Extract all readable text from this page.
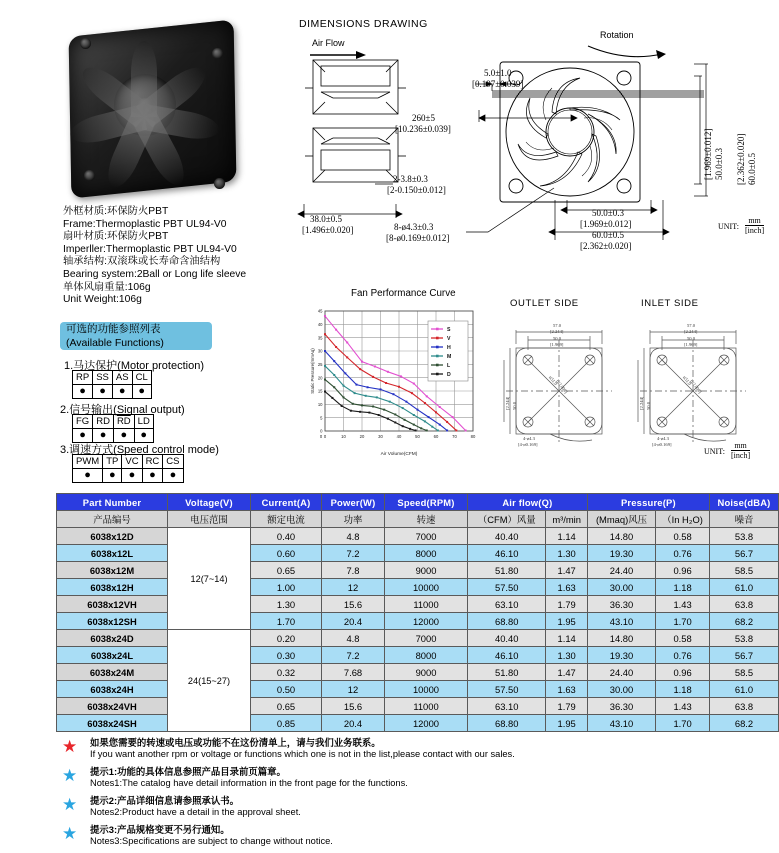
外框材质:环保防火PBT
Frame:Thermoplastic PBT UL94-V0
扇叶材质:环保防火PBT
Imperller:Thermoplastic PBT UL94-V0
轴承结构:双滚珠或长寿命含油结构
Bearing system:2Ball or Long life sleeve
单体风扇重量:106g
Unit Weight:106g
可选的功能参照列表
(Available Functions)
1.马达保护(Motor protection)
RP	SS	AS	CL
●	●	●	●
2.信号输出(Signal output)
FG	RD	$\overline{RD}$	LD
●	●	●	●
3.调速方式(Speed control mode)
PWM	TP	VC	RC	CS
●	●	●	●	●
DIMENSIONS DRAWING
Air Flow
Rotation
5.0±1.0
[0.197±0.039]
260±5
[10.236±0.039]
2-3.8±0.3
[2-0.150±0.012]
38.0±0.5
[1.496±0.020]	8-ø4.3±0.3
[8-ø0.169±0.012]
50.0±0.3
[1.969±0.012]
60.0±0.5
[2.362±0.020]
50.0±0.3
[1.969±0.012]	60.0±0.5
[2.362±0.020]
UNIT:
mm
[inch]
Fan Performance Curve
0
5
10
15
20
25
30
35
40
45
0 0	10	20	30	40	50	60	70	80
Static Pressure(mmAq)
Air Volume(CFM)
S
V
H
M
L
D
OUTLET SIDE	INLET SIDE
57.0
[2.244]
50.0
[1.969]
[2.244] 50.0
ø51.0
[ø2.008]
4-ø4.3
[4-ø0.169]
57.0
[2.244]
50.0
[1.969]
[2.244] 50.0
ø51.0
[ø2.008]
4-ø4.3
[4-ø0.169]
UNIT:
mm
[inch]
Part Number	Voltage(V)	Current(A)	Power(W)	Speed(RPM)	Air flow(Q)		Pressure(P)		Noise(dBA)
产品编号	电压范围	额定电流	功率	转速	（CFM）风量	m³/min	(Mmaq)风压	（In H₂O)	噪音
6038x12D	12(7~14)	0.40	4.8	7000	40.40	1.14	14.80	0.58	53.8
6038x12L		0.60	7.2	8000	46.10	1.30	19.30	0.76	56.7
6038x12M		0.65	7.8	9000	51.80	1.47	24.40	0.96	58.5
6038x12H		1.00	12	10000	57.50	1.63	30.00	1.18	61.0
6038x12VH		1.30	15.6	11000	63.10	1.79	36.30	1.43	63.8
6038x12SH		1.70	20.4	12000	68.80	1.95	43.10	1.70	68.2
6038x24D	24(15~27)	0.20	4.8	7000	40.40	1.14	14.80	0.58	53.8
6038x24L		0.30	7.2	8000	46.10	1.30	19.30	0.76	56.7
6038x24M		0.32	7.68	9000	51.80	1.47	24.40	0.96	58.5
6038x24H		0.50	12	10000	57.50	1.63	30.00	1.18	61.0
6038x24VH		0.65	15.6	11000	63.10	1.79	36.30	1.43	63.8
6038x24SH		0.85	20.4	12000	68.80	1.95	43.10	1.70	68.2
★ 如果您需要的转速或电压或功能不在这份清单上，请与我们业务联系。
If you want another rpm or voltage or functions which one is not in the list,please contact with our sales.
★ 提示1:功能的具体信息参照产品目录前页篇章。
Notes1:The catalog have detail information in the front page for the functions.
★ 提示2:产品详细信息请参照承认书。
Notes2:Product have a detail in the approval sheet.
★ 提示3:产品规格变更不另行通知。
Notes3:Specifications are subject to change without notice.
